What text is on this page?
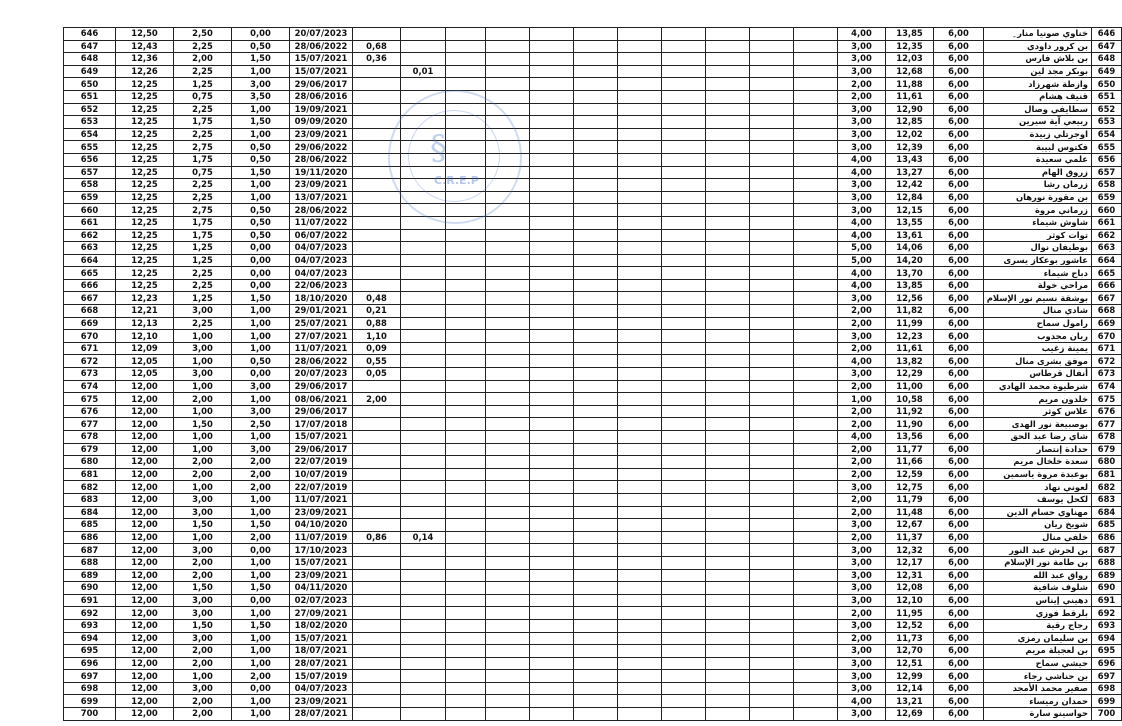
-
646	12,50	2,50	0,00	20/07/2023												4,00	13,85	6,00	خناوي صونيا منار	646
647	12,43	2,25	0,50	28/06/2022	0,68											3,00	12,35	6,00	بن كرور داودي	647
648	12,36	2,00	1,50	15/07/2021	0,36											3,00	12,03	6,00	بن بلاش فارس	648
649	12,26	2,25	1,00	15/07/2021		0,01										3,00	12,68	6,00	بوبكر مجد لين	649
650	12,25	1,25	3,00	29/06/2017												2,00	11,88	6,00	وازطة شهرزاد	650
651	12,25	0,75	3,50	28/06/2016												2,00	11,61	6,00	قنيف هشام	651
652	12,25	2,25	1,00	19/09/2021												3,00	12,90	6,00	سطايفي وصال	652
653	12,25	1,75	1,50	09/09/2020												3,00	12,85	6,00	ربيعي آية سيرين	653
654	12,25	2,25	1,00	23/09/2021												3,00	12,02	6,00	اوجرتلي زبيدة	654
655	12,25	2,75	0,50	29/06/2022												3,00	12,39	6,00	فكتوس لبيبة	655
656	12,25	1,75	0,50	28/06/2022												4,00	13,43	6,00	علمي سعيدة	656
657	12,25	0,75	1,50	19/11/2020												4,00	13,27	6,00	زروق الهام	657
658	12,25	2,25	1,00	23/09/2021												3,00	12,42	6,00	زرمان رشا	658
659	12,25	2,25	1,00	13/07/2021												3,00	12,84	6,00	بن مقورة نورهان	659
660	12,25	2,75	0,50	28/06/2022												3,00	12,15	6,00	زرماني مروة	660
661	12,25	1,75	0,50	11/07/2022												4,00	13,55	6,00	شاوش شيماء	661
662	12,25	1,75	0,50	06/07/2022												4,00	13,61	6,00	توات كوثر	662
663	12,25	1,25	0,00	04/07/2023												5,00	14,06	6,00	بوطيفان نوال	663
664	12,25	1,25	0,00	04/07/2023												5,00	14,20	6,00	عاشور بوعكاز يسرى	664
665	12,25	2,25	0,00	04/07/2023												4,00	13,70	6,00	دباح شيماء	665
666	12,25	2,25	0,00	22/06/2023												4,00	13,85	6,00	مراحي خولة	666
667	12,23	1,25	1,50	18/10/2020	0,48											3,00	12,56	6,00	بوشقة نسيم نور الإسلام	667
668	12,21	3,00	1,00	29/01/2021	0,21											2,00	11,82	6,00	شادي منال	668
669	12,13	2,25	1,00	25/07/2021	0,88											2,00	11,99	6,00	رامول سماح	669
670	12,10	1,00	1,00	27/07/2021	1,10											3,00	12,23	6,00	ربان مجدوب	670
671	12,09	3,00	1,00	11/07/2021	0,09											2,00	11,61	6,00	يمينة زغيب	671
672	12,05	1,00	0,50	28/06/2022	0,55											4,00	13,82	6,00	موفق بشرى منال	672
673	12,05	3,00	0,00	20/07/2023	0,05											3,00	12,29	6,00	أنفال قرطاس	673
674	12,00	1,00	3,00	29/06/2017												2,00	11,00	6,00	شرطيوة محمد الهادي	674
675	12,00	2,00	1,00	08/06/2021	2,00											1,00	10,58	6,00	خلدون مريم	675
676	12,00	1,00	3,00	29/06/2017												2,00	11,92	6,00	علاس كوثر	676
677	12,00	1,50	2,50	17/07/2018												2,00	11,90	6,00	بوصبيعة نور الهدى	677
678	12,00	1,00	1,00	15/07/2021												4,00	13,56	6,00	شاي رضا عبد الحق	678
679	12,00	1,00	3,00	29/06/2017												2,00	11,77	6,00	حدادة إنتصار	679
680	12,00	2,00	2,00	22/07/2019												2,00	11,66	6,00	سعدة خلخال مريم	680
681	12,00	2,00	2,00	10/07/2019												2,00	12,59	6,00	بوعبدة مروة ياسمين	681
682	12,00	1,00	2,00	22/07/2019												3,00	12,75	6,00	لعوني نهاد	682
683	12,00	3,00	1,00	11/07/2021												2,00	11,79	6,00	لكحل يوسف	683
684	12,00	3,00	1,00	23/09/2021												2,00	11,48	6,00	مهناوي حسام الدين	684
685	12,00	1,50	1,50	04/10/2020												3,00	12,67	6,00	شويخ ريان	685
686	12,00	1,00	2,00	11/07/2019	0,86	0,14										2,00	11,37	6,00	خلفي منال	686
687	12,00	3,00	0,00	17/10/2023												3,00	12,32	6,00	بن لحرش عبد النور	687
688	12,00	2,00	1,00	15/07/2021												3,00	12,17	6,00	بن طامة نور الإسلام	688
689	12,00	2,00	1,00	23/09/2021												3,00	12,31	6,00	رواق عبد الله	689
690	12,00	1,50	1,50	04/11/2020												3,00	12,08	6,00	شلوف شافية	690
691	12,00	3,00	0,00	02/07/2023												3,00	12,10	6,00	دهيني إيناس	691
692	12,00	3,00	1,00	27/09/2021												2,00	11,95	6,00	بلرقط فوزي	692
693	12,00	1,50	1,50	18/02/2020												3,00	12,52	6,00	رجاج رقية	693
694	12,00	3,00	1,00	15/07/2021												2,00	11,73	6,00	بن سليمان رمزي	694
695	12,00	2,00	1,00	18/07/2021												3,00	12,70	6,00	بن لعجيلة مريم	695
696	12,00	2,00	1,00	28/07/2021												3,00	12,51	6,00	حيشي سماح	696
697	12,00	1,00	2,00	15/07/2019												3,00	12,99	6,00	بن حناشي رجاء	697
698	12,00	3,00	0,00	04/07/2023												3,00	12,14	6,00	صفير محمد الأمجد	698
699	12,00	2,00	1,00	23/09/2021												4,00	13,21	6,00	حمدان رميساء	699
700	12,00	2,00	1,00	28/07/2021												3,00	12,69	6,00	حواسينو سارة	700
§
C.R.E.P
